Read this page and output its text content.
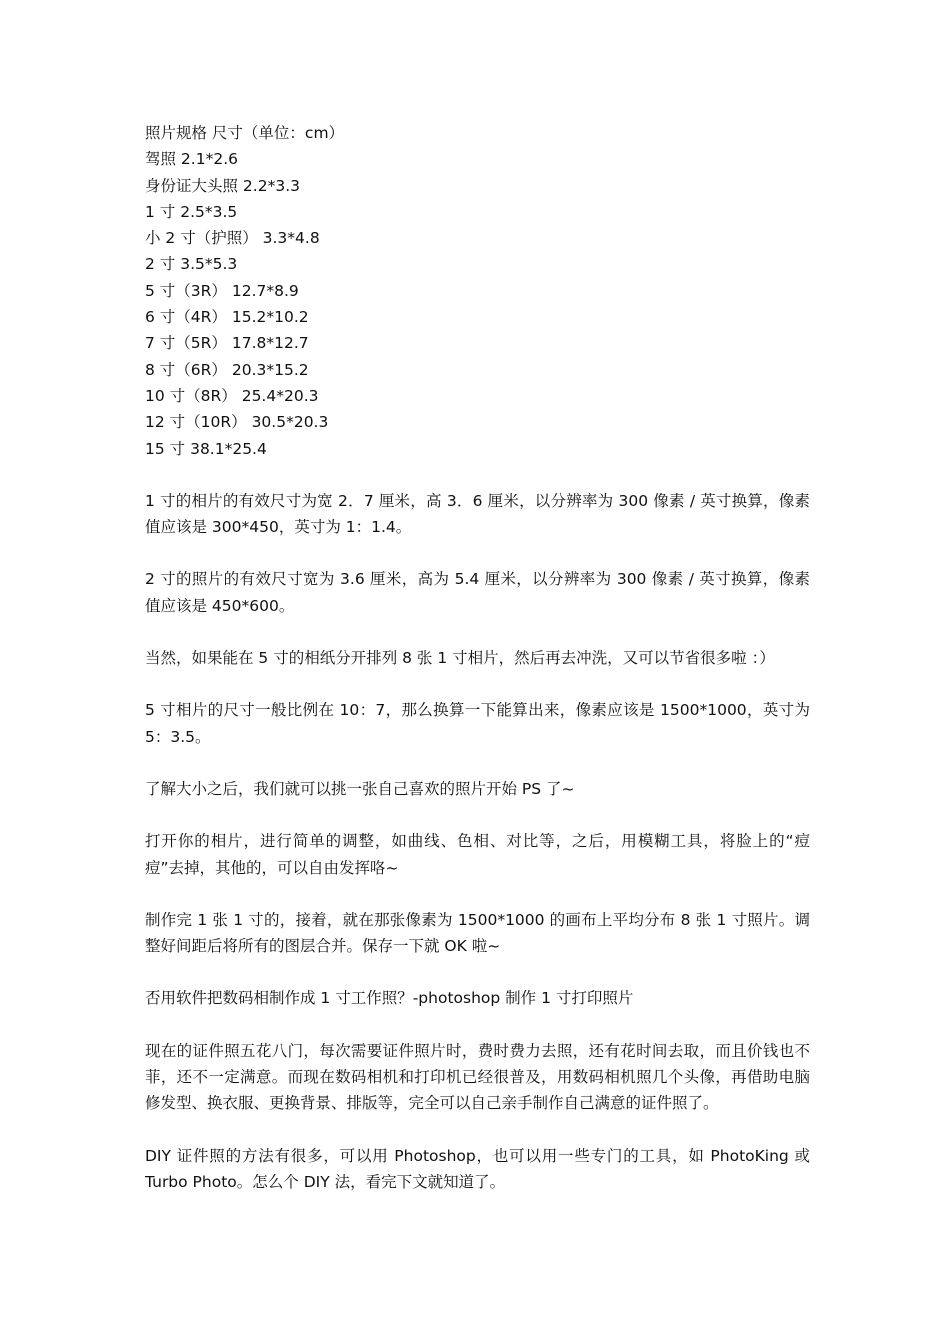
照片规格 尺寸（单位：cm）
驾照 2.1*2.6
身份证大头照 2.2*3.3
1 寸 2.5*3.5
小 2 寸（护照） 3.3*4.8
2 寸 3.5*5.3
5 寸（3R） 12.7*8.9
6 寸（4R） 15.2*10.2
7 寸（5R） 17.8*12.7
8 寸（6R） 20.3*15.2
10 寸（8R） 25.4*20.3
12 寸（10R） 30.5*20.3
15 寸 38.1*25.4

1 寸的相片的有效尺寸为宽 2．7 厘米，高 3．6 厘米，以分辨率为 300 像素 / 英寸换算，像素值应该是 300*450，英寸为 1：1.4。

2 寸的照片的有效尺寸宽为 3.6 厘米，高为 5.4 厘米，以分辨率为 300 像素 / 英寸换算，像素值应该是 450*600。

当然，如果能在 5 寸的相纸分开排列 8 张 1 寸相片，然后再去冲洗，又可以节省很多啦 ：）

5 寸相片的尺寸一般比例在 10：7，那么换算一下能算出来，像素应该是 1500*1000，英寸为 5：3.5。

了解大小之后，我们就可以挑一张自己喜欢的照片开始 PS 了~

打开你的相片，进行简单的调整，如曲线、色相、对比等，之后，用模糊工具，将脸上的“痘痘”去掉，其他的，可以自由发挥咯~

制作完 1 张 1 寸的，接着，就在那张像素为 1500*1000 的画布上平均分布 8 张 1 寸照片。调整好间距后将所有的图层合并。保存一下就 OK 啦~

否用软件把数码相制作成 1 寸工作照？-photoshop 制作 1 寸打印照片

现在的证件照五花八门，每次需要证件照片时，费时费力去照，还有花时间去取，而且价钱也不菲，还不一定满意。而现在数码相机和打印机已经很普及，用数码相机照几个头像，再借助电脑修发型、换衣服、更换背景、排版等，完全可以自己亲手制作自己满意的证件照了。

DIY 证件照的方法有很多，可以用 Photoshop，也可以用一些专门的工具，如 PhotoKing 或 Turbo Photo。怎么个 DIY 法，看完下文就知道了。
